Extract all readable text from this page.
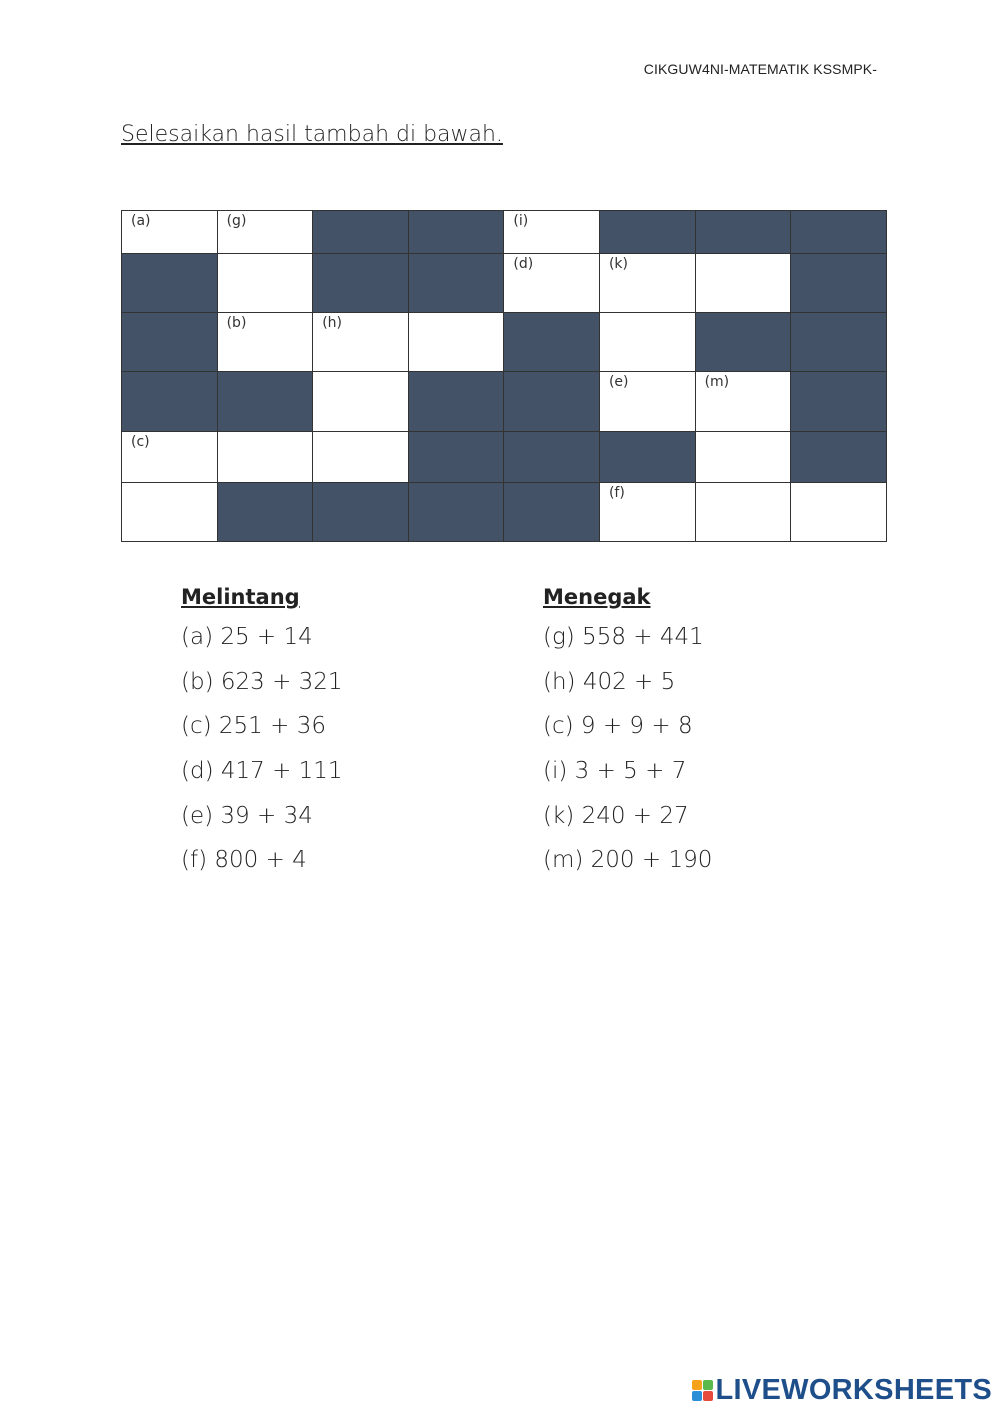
CIKGUW4NI-MATEMATIK KSSMPK-
Selesaikan hasil tambah di bawah.
(a)	(g)			(i)			

				(d)	(k)		

	(b)	(h)					

					(e)	(m)	

(c)							

					(f)		

Melintang
(a) 25 + 14
(b) 623 + 321
(c) 251 + 36
(d) 417 + 111
(e) 39 + 34
(f) 800 + 4
Menegak
(g) 558 + 441
(h) 402 + 5
(c) 9 + 9 + 8
(i) 3 + 5 + 7
(k) 240 + 27
(m) 200 + 190
LIVEWORKSHEETS
